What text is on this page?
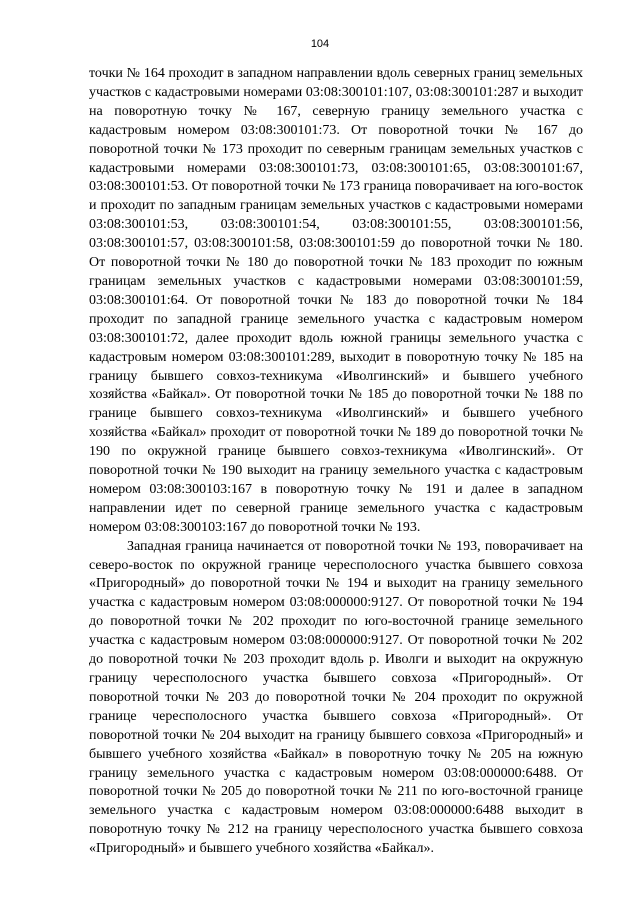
104

точки № 164 проходит в западном направлении вдоль северных границ земельных участков с кадастровыми номерами 03:08:300101:107, 03:08:300101:287 и выходит на поворотную точку № 167, северную границу земельного участка с кадастровым номером 03:08:300101:73. От поворотной точки № 167 до поворотной точки № 173 проходит по северным границам земельных участков с кадастровыми номерами 03:08:300101:73, 03:08:300101:65, 03:08:300101:67, 03:08:300101:53. От поворотной точки № 173 граница поворачивает на юго-восток и проходит по западным границам земельных участков с кадастровыми номерами 03:08:300101:53, 03:08:300101:54, 03:08:300101:55, 03:08:300101:56, 03:08:300101:57, 03:08:300101:58, 03:08:300101:59 до поворотной точки № 180. От поворотной точки № 180 до поворотной точки № 183 проходит по южным границам земельных участков с кадастровыми номерами 03:08:300101:59, 03:08:300101:64. От поворотной точки № 183 до поворотной точки № 184 проходит по западной границе земельного участка с кадастровым номером 03:08:300101:72, далее проходит вдоль южной границы земельного участка с кадастровым номером 03:08:300101:289, выходит в поворотную точку № 185 на границу бывшего совхоз-техникума «Иволгинский» и бывшего учебного хозяйства «Байкал». От поворотной точки № 185 до поворотной точки № 188 по границе бывшего совхоз-техникума «Иволгинский» и бывшего учебного хозяйства «Байкал» проходит от поворотной точки № 189 до поворотной точки № 190 по окружной границе бывшего совхоз-техникума «Иволгинский». От поворотной точки № 190 выходит на границу земельного участка с кадастровым номером 03:08:300103:167 в поворотную точку № 191 и далее в западном направлении идет по северной границе земельного участка с кадастровым номером 03:08:300103:167 до поворотной точки № 193.

Западная граница начинается от поворотной точки № 193, поворачивает на северо-восток по окружной границе чересполосного участка бывшего совхоза «Пригородный» до поворотной точки № 194 и выходит на границу земельного участка с кадастровым номером 03:08:000000:9127. От поворотной точки № 194 до поворотной точки № 202 проходит по юго-восточной границе земельного участка с кадастровым номером 03:08:000000:9127. От поворотной точки № 202 до поворотной точки № 203 проходит вдоль р. Иволги и выходит на окружную границу чересполосного участка бывшего совхоза «Пригородный». От поворотной точки № 203 до поворотной точки № 204 проходит по окружной границе чересполосного участка бывшего совхоза «Пригородный». От поворотной точки № 204 выходит на границу бывшего совхоза «Пригородный» и бывшего учебного хозяйства «Байкал» в поворотную точку № 205 на южную границу земельного участка с кадастровым номером 03:08:000000:6488. От поворотной точки № 205 до поворотной точки № 211 по юго-восточной границе земельного участка с кадастровым номером 03:08:000000:6488 выходит в поворотную точку № 212 на границу чересполосного участка бывшего совхоза «Пригородный» и бывшего учебного хозяйства «Байкал».
